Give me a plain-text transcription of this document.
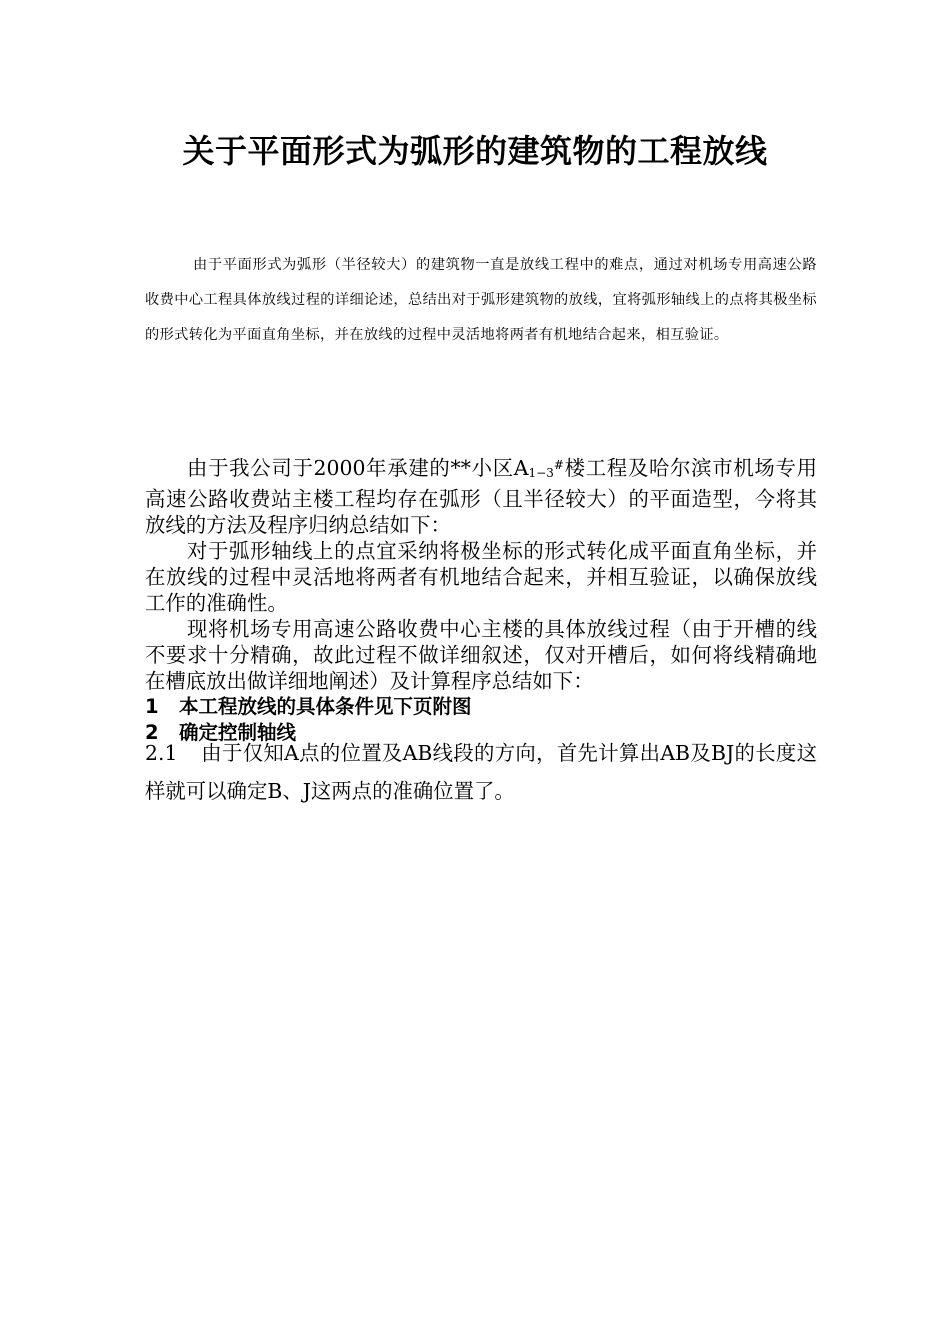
关于平面形式为弧形的建筑物的工程放线

由于平面形式为弧形（半径较大）的建筑物一直是放线工程中的难点，通过对机场专用高速公路收费中心工程具体放线过程的详细论述，总结出对于弧形建筑物的放线，宜将弧形轴线上的点将其极坐标的形式转化为平面直角坐标，并在放线的过程中灵活地将两者有机地结合起来，相互验证。

由于我公司于2000年承建的**小区A1−3#楼工程及哈尔滨市机场专用高速公路收费站主楼工程均存在弧形（且半径较大）的平面造型，今将其放线的方法及程序归纳总结如下：

对于弧形轴线上的点宜采纳将极坐标的形式转化成平面直角坐标，并在放线的过程中灵活地将两者有机地结合起来，并相互验证，以确保放线工作的准确性。

现将机场专用高速公路收费中心主楼的具体放线过程（由于开槽的线不要求十分精确，故此过程不做详细叙述，仅对开槽后，如何将线精确地在槽底放出做详细地阐述）及计算程序总结如下：

1 本工程放线的具体条件见下页附图

2 确定控制轴线

2.1 由于仅知A点的位置及AB线段的方向，首先计算出AB及BJ的长度这样就可以确定B、J这两点的准确位置了。
